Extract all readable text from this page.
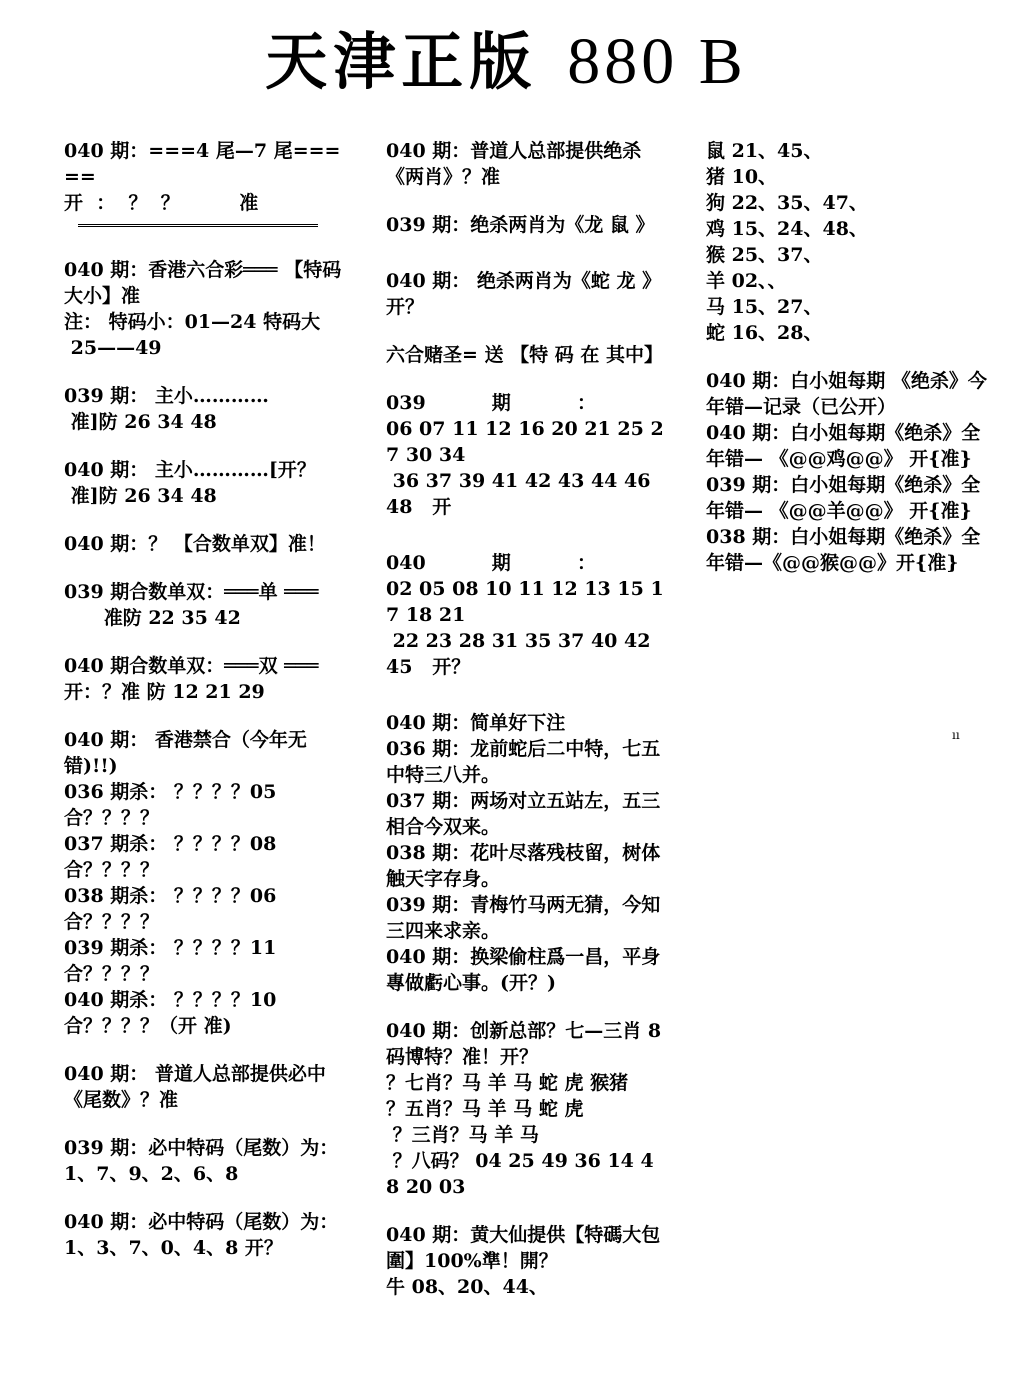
天津正版 880 B
040 期：===4 尾—7 尾=====
开  ：  ？  ？         准
040 期：香港六合彩═══ 【特码大小】准
注： 特码小：01—24 特码大
25——49
039 期： 主小…………
准]防 26 34 48
040 期： 主小…………[开？
准]防 26 34 48
040 期：？ 【合数单双】准！
039 期合数单双：═══单 ═══
准防 22 35 42
040 期合数单双：═══双 ═══
开：？准 防 12 21 29
040 期： 香港禁合（今年无错)!!)
036 期杀： ？？？？05 合？？？？
037 期杀： ？？？？08 合？？？？
038 期杀： ？？？？06 合？？？？
039 期杀： ？？？？11 合？？？？
040 期杀： ？？？？10 合？？？？（开 准)
040 期： 普道人总部提供必中《尾数》？准
039 期：必中特码（尾数）为：
1、7、9、2、6、8
040 期：必中特码（尾数）为：
1、3、7、0、4、8 开？
040 期：普道人总部提供绝杀《两肖》？准
039 期：绝杀两肖为《龙 鼠 》
040 期： 绝杀两肖为《蛇 龙 》开？
六合赌圣= 送 【特 码 在 其中】
039          期          ：
06 07 11 12 16 20 21 25 27 30 34
36 37 39 41 42 43 44 46 48   开
040          期          ：
02 05 08 10 11 12 13 15 17 18 21
22 23 28 31 35 37 40 42 45   开？
040 期：简单好下注
036 期：龙前蛇后二中特，七五中特三八并。
037 期：两场对立五站左，五三相合今双来。
038 期：花叶尽落残枝留，树体触天字存身。
039 期：青梅竹马两无猜，今知三四来求亲。
040 期：换梁偷柱爲一昌，平身專做虧心事。(开？)
040 期：创新总部？七—三肖 8 码博特？准！开？
？七肖？马 羊 马 蛇 虎 猴猪
？五肖？马 羊 马 蛇 虎
？三肖？马 羊 马
？八码？ 04 25 49 36 14 48 20 03
040 期：黄大仙提供【特碼大包圍】100%準！開？
牛 08、20、44、
鼠 21、45、
猪 10、
狗 22、35、47、
鸡 15、24、48、
猴 25、37、
羊 02、、
马 15、27、
蛇 16、28、
040 期：白小姐每期 《绝杀》今年错—记录（已公开）
040 期：白小姐每期《绝杀》全年错— 《@@鸡@@》 开{准}
039 期：白小姐每期《绝杀》全年错— 《@@羊@@》 开{准}
038 期：白小姐每期《绝杀》全年错—《@@猴@@》开{准}
ıı
